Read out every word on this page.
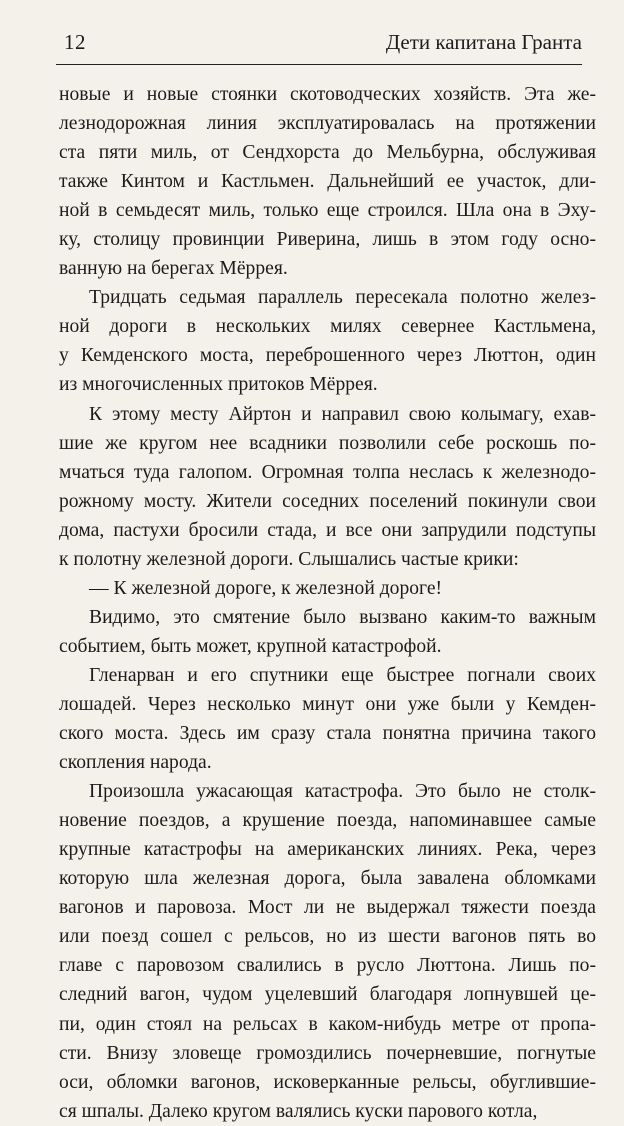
12	Дети капитана Гранта
новые и новые стоянки скотоводческих хозяйств. Эта же-
лезнодорожная линия эксплуатировалась на протяжении
ста пяти миль, от Сендхорста до Мельбурна, обслуживая
также Кинтом и Кастльмен. Дальнейший ее участок, дли-
ной в семьдесят миль, только еще строился. Шла она в Эху-
ку, столицу провинции Риверина, лишь в этом году осно-
ванную на берегах Мёррея.
Тридцать седьмая параллель пересекала полотно желез-
ной дороги в нескольких милях севернее Кастльмена,
у Кемденского моста, переброшенного через Люттон, один
из многочисленных притоков Мёррея.
К этому месту Айртон и направил свою колымагу, ехав-
шие же кругом нее всадники позволили себе роскошь по-
мчаться туда галопом. Огромная толпа неслась к железнодо-
рожному мосту. Жители соседних поселений покинули свои
дома, пастухи бросили стада, и все они запрудили подступы
к полотну железной дороги. Слышались частые крики:
— К железной дороге, к железной дороге!
Видимо, это смятение было вызвано каким-то важным
событием, быть может, крупной катастрофой.
Гленарван и его спутники еще быстрее погнали своих
лошадей. Через несколько минут они уже были у Кемден-
ского моста. Здесь им сразу стала понятна причина такого
скопления народа.
Произошла ужасающая катастрофа. Это было не столк-
новение поездов, а крушение поезда, напоминавшее самые
крупные катастрофы на американских линиях. Река, через
которую шла железная дорога, была завалена обломками
вагонов и паровоза. Мост ли не выдержал тяжести поезда
или поезд сошел с рельсов, но из шести вагонов пять во
главе с паровозом свалились в русло Люттона. Лишь по-
следний вагон, чудом уцелевший благодаря лопнувшей це-
пи, один стоял на рельсах в каком-нибудь метре от пропа-
сти. Внизу зловеще громоздились почерневшие, погнутые
оси, обломки вагонов, исковерканные рельсы, обуглившие-
ся шпалы. Далеко кругом валялись куски парового котла,
